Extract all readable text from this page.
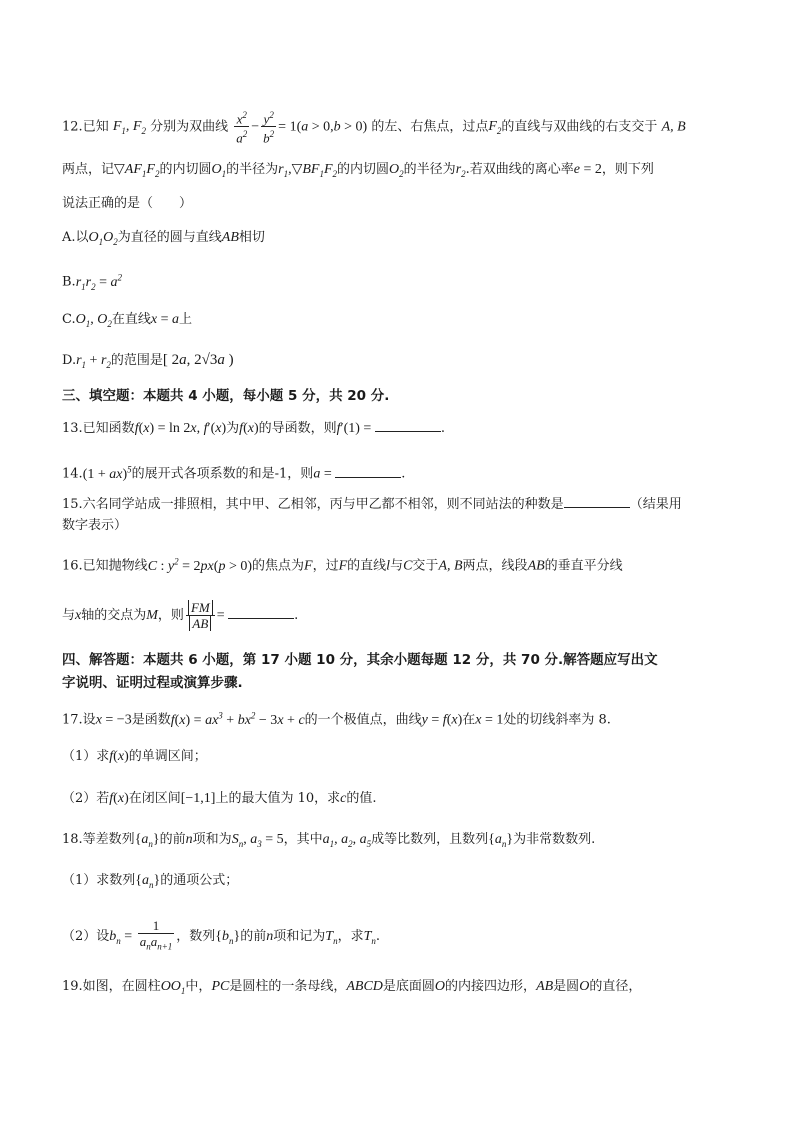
12.已知 $F_1$, $F_2$ 分别为双曲线 $\frac{x^2}{a^2} - \frac{y^2}{b^2} = 1(a > 0,b > 0)$ 的左、右焦点，过点$F_2$的直线与双曲线的右支交于 A, B
两点，记$▽AF_1F_2$的内切圆$O_1$的半径为$r_1,▽BF_1F_2$的内切圆$O_2$的半径为$r_2$.若双曲线的离心率e = 2，则下列
说法正确的是（　　）
A.以$O_1O_2$为直径的圆与直线AB相切
$B.r_1r_2 = a^2$
$C.O_1$, $O_2$在直线x = a上
$D.r_1 + r_2$的范围是[ 2a, 2√3a )
三、填空题：本题共 4 小题，每小题 5 分，共 20 分.
13.已知函数f(x) = ln 2x, f′(x)为f(x)的导函数，则f′(1) =	.
14.(1 + ax)$^5$的展开式各项系数的和是-1，则a =	.
15.六名同学站成一排照相，其中甲、乙相邻，丙与甲乙都不相邻，则不同站法的种数是	（结果用
数字表示）
16.已知抛物线C : $y^2 = 2px(p > 0)$的焦点为F，过F的直线l与C交于A, B两点，线段AB的垂直平分线
与x轴的交点为M，则 $\frac{FM}{AB}$ =	.
四、解答题：本题共 6 小题，第 17 小题 10 分，其余小题每题 12 分，共 70 分.解答题应写出文
字说明、证明过程或演算步骤.
17.设x = −3是函数$f(x) = ax^3 + bx^2 - 3x + c$的一个极值点，曲线y = f(x)在x = 1处的切线斜率为 8.
（1）求f(x)的单调区间；
（2）若f(x)在闭区间[−1,1]上的最大值为 10，求c的值.
18.等差数列$\{a_n\}$的前n项和为$S_n$, $a_3 = 5$，其中$a_1$, $a_2$, $a_5$成等比数列，且数列$\{a_n\}$为非常数数列.
（1）求数列$\{a_n\}$的通项公式；
（2）设$b_n = \frac{1}{a_na_{n+1}}$ ，数列$\{b_n\}$的前n项和记为$T_n$，求$T_n$.
19.如图，在圆柱$OO_1$中，PC是圆柱的一条母线，ABCD是底面圆O的内接四边形，AB是圆O的直径，
